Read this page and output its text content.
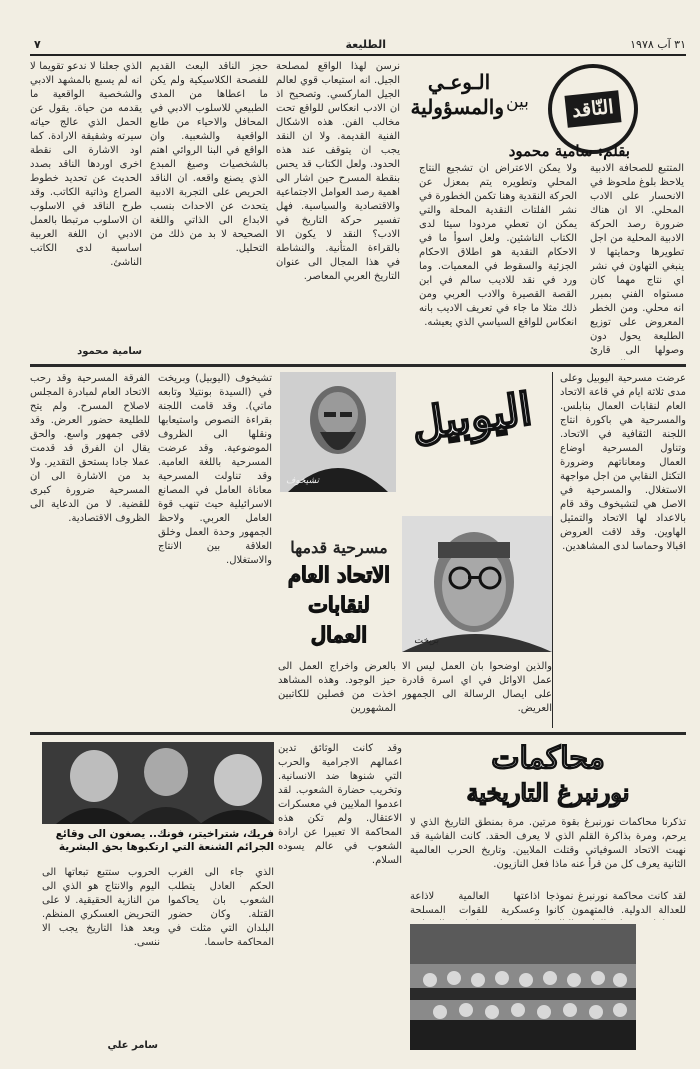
٣١ آب ١٩٧٨
الطليعة
٧
النّاقد
بين
الـوعـي والمسؤولية
بقلم: سامية محمود

المتتبع للصحافة الادبية يلاحظ بلوغ ملحوظ في الانحسار على الادب المحلي. الا ان هناك ضرورة رصد الحركة الادبية المحلية من اجل تطويرها وحمايتها لا ينبغي التهاون في نشر اي نتاج مهما كان مستواه الفني بمبرر انه محلي. ومن الخطر المعروض على توزيع الطليعة يحول دون وصولها الى قارئ

ولا يمكن الاعتراض ان تشجيع النتاج المحلي وتطويره يتم بمعزل عن الحركة النقدية وهنا تكمن الخطورة في نشر الفلتات النقدية المحلة والتي يمكن ان تعطي مردودا سيئا لدى الكتاب الناشئين. ولعل اسوأ ما في الاحكام النقدية هو اطلاق الاحكام الجزئية والسقوط في المعميات. وما ورد في نقد للاديب سالم في ابن القصة القصيرة والادب العربي ومن ذلك مثلا ما جاء في تعريف الاديب بانه انعكاس للواقع السياسي الذي يعيشه.

نرسن لهذا الواقع لمصلحة الجيل. انه استيعاب قوي لعالم الجيل الماركسي. وتصحيح اذ ان الادب انعكاس للواقع تحت مخالب الفن. هذه الاشكال الفنية القديمة. ولا ان النقد يجب ان يتوقف عند هذه الحدود. ولعل الكتاب قد يحس بنقطة المسرح حين اشار الى اهمية رصد العوامل الاجتماعية والاقتصادية والسياسية. فهل تفسير حركة التاريخ في الادب؟ النقد لا يكون الا بالقراءة المتأنية. والنشاطة في هذا المجال الى عنوان التاريخ العربي المعاصر.

حجز الناقد البعث القديم للفصحة الكلاسيكية ولم يكن ما اعطاها من المدى الطبيعي للاسلوب الادبي في المحافل والاحياء من طابع الواقعية والشعبية. وان الواقع في البنا الروائي اهتم بالشخصيات وصيغ المبدع الذي يصنع واقعه. ان الناقد الحريص على التجربة الادبية يتحدث عن الاحداث بنسب الابداع الى الذاتي واللغة الصحيحة لا بد من ذلك من التحليل.

الذي جعلنا لا ندعو تقويما لا انه لم يسبع بالمشهد الادبي والشخصية الواقعية ما يقدمه من حياة. يقول عن الحمل الذي عالج حياته سيرته وشقيقة الارادة. كما اود الاشارة الى نقطة اخرى اوردها الناقد بصدد الحديث عن تحديد خطوط الصراع وذاتية الكاتب. وقد طرح الناقد في الاسلوب ان الاسلوب مرتبطا بالعمل الادبي ان اللغة العربية اساسية لدى الكاتب الناشئ.

سامية محمود

عرضت مسرحية اليوبيل وعلى مدى ثلاثة ايام في قاعة الاتحاد العام لنقابات العمال بنابلس. والمسرحية هي باكورة انتاج اللجنة الثقافية في الاتحاد. وتناول المسرحية اوضاع العمال ومعاناتهم وضرورة التكتل النقابي من اجل مواجهة الاستغلال. والمسرحية في الاصل هي لتشيخوف وقد قام بالاعداد لها الاتحاد والتمثيل الهاوين. وقد لاقت العروض اقبالا وحماسا لدى المشاهدين.

اليوبيل
تشيخوف
بريخت
مسرحية قدمها
الاتحاد العام لنقابات العمال

تشيخوف (اليوبيل) وبريخت في (السيدة بونتيلا وتابعه ماتي). وقد قامت اللجنة بقراءة النصوص واستيعابها ونقلها الى الظروف الموضوعية. وقد عرضت المسرحية باللغة العامية. وقد تناولت المسرحية معاناة العامل في المصانع الاسرائيلية حيث تنهب قوة العامل العربي. ولاحظ الجمهور وحدة العمل وخلق العلاقة بين الانتاج والاستغلال.

الفرقة المسرحية وقد رحب الاتحاد العام لمبادرة المجلس لاصلاح المسرح. ولم يتح للطليعة حضور العرض. وقد لاقى جمهور واسع. والحق يقال ان الفرق قد قدمت عملا جادا يستحق التقدير. ولا بد من الاشارة الى ان المسرحية ضرورة كبرى للقضية. لا من الدعاية الى الظروف الاقتصادية.

والذين اوضحوا بان العمل ليس الا عمل الاوائل في اي اسرة قادرة على ايصال الرسالة الى الجمهور العريض.

بالعرض واخراج العمل الى حيز الوجود. وهذه المشاهد اخذت من فصلين للكاتبين المشهورين

محاكمات
نورنبرغ التاريخية

تذكرنا محاكمات نورنبرغ بقوة مرتين. مرة بمنطق التاريخ الذي لا يرحم، ومرة بذاكرة القلم الذي لا يعرف الحقد. كانت الفاشية قد نهبت الاتحاد السوفياتي وقتلت الملايين. وتاريخ الحرب العالمية الثانية يعرف كل من قرأ عنه ماذا فعل النازيون.

لقد كانت محاكمة نورنبرغ نموذجا للعدالة الدولية. فالمتهمون كانوا

اذاعتها العالمية لاذاعة وعسكرية للقوات المسلحة

فريك، شتراخيتر، فونك.. يصغون الى وقائع الجرائم الشنعة التي ارتكبوها بحق البشرية

وقد كانت الوثائق تدين اعمالهم الاجرامية والحرب التي شنوها ضد الانسانية. وتخريب حضارة الشعوب. لقد اعدموا الملايين في معسكرات الاعتقال. ولم تكن هذه المحاكمة الا تعبيرا عن ارادة الشعوب في عالم يسوده السلام.

الذي جاء الى الغرب الحكم العادل يتطلب الشعوب بان يحاكموا القتلة. وكان حضور البلدان التي مثلت في المحاكمة حاسما.

الحروب ستتبع تبعاتها الى اليوم والانتاج هو الذي الى من النازية الحقيقية. لا على التحريض العسكري المنظم. وبعد هذا التاريخ يجب الا ننسى.

سامر علي
